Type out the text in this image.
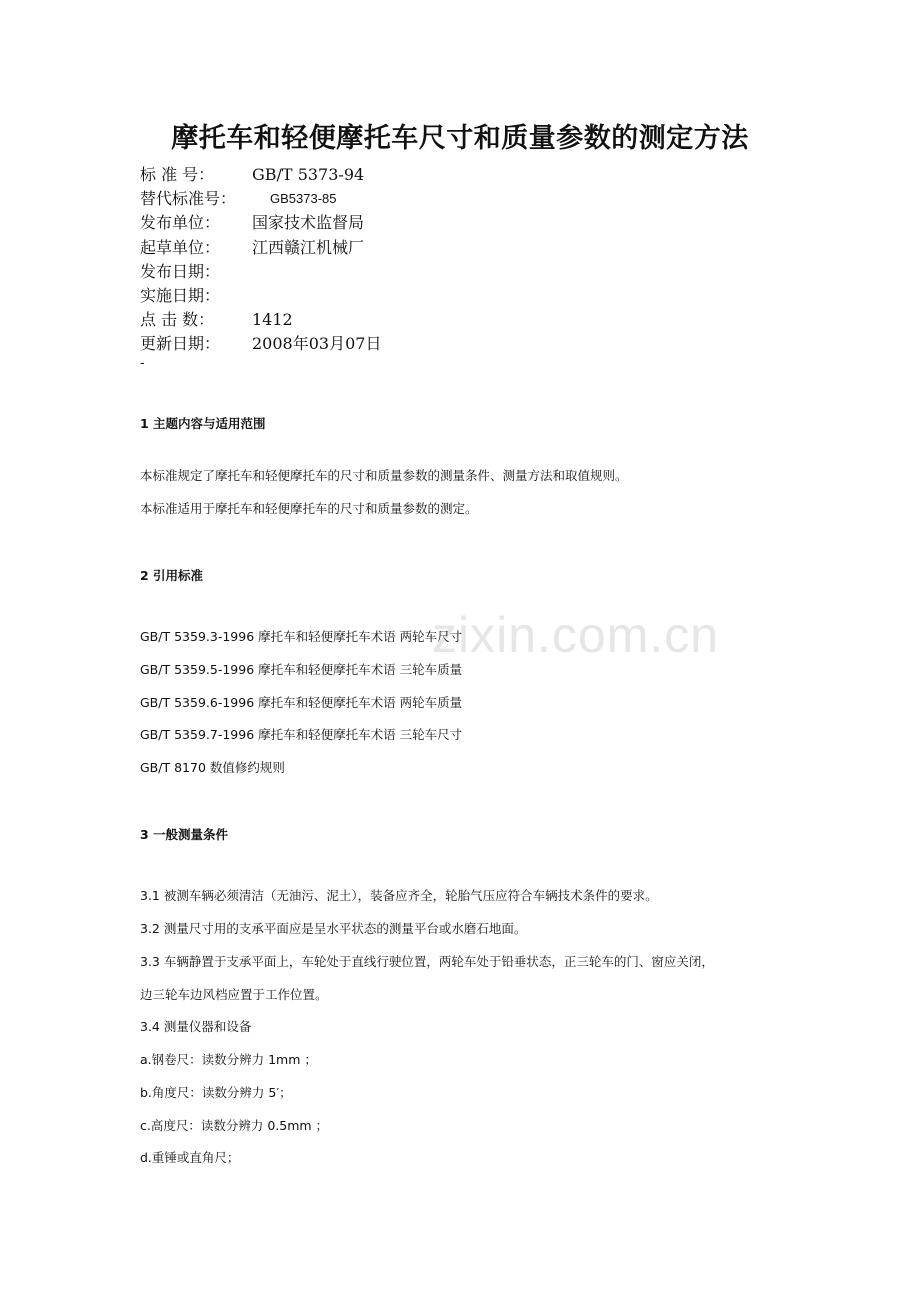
zixin.com.cn
摩托车和轻便摩托车尺寸和质量参数的测定方法
标 准 号： GB/T 5373-94
替代标准号：	GB5373-85
发布单位： 国家技术监督局
起草单位： 江西赣江机械厂
发布日期：
实施日期：
点 击 数： 1412
更新日期： 2008年03月07日
-
1 主题内容与适用范围
本标准规定了摩托车和轻便摩托车的尺寸和质量参数的测量条件、测量方法和取值规则。
本标准适用于摩托车和轻便摩托车的尺寸和质量参数的测定。
2 引用标准
GB/T 5359.3-1996 摩托车和轻便摩托车术语 两轮车尺寸
GB/T 5359.5-1996 摩托车和轻便摩托车术语 三轮车质量
GB/T 5359.6-1996 摩托车和轻便摩托车术语 两轮车质量
GB/T 5359.7-1996 摩托车和轻便摩托车术语 三轮车尺寸
GB/T 8170 数值修约规则
3 一般测量条件
3.1 被测车辆必须清洁（无油污、泥土），装备应齐全，轮胎气压应符合车辆技术条件的要求。
3.2 测量尺寸用的支承平面应是呈水平状态的测量平台或水磨石地面。
3.3 车辆静置于支承平面上，车轮处于直线行驶位置，两轮车处于铅垂状态，正三轮车的门、窗应关闭，
边三轮车边风档应置于工作位置。
3.4 测量仪器和设备
a.钢卷尺：读数分辨力 1mm ；
b.角度尺：读数分辨力 5′；
c.高度尺：读数分辨力 0.5mm ；
d.重锤或直角尺；
